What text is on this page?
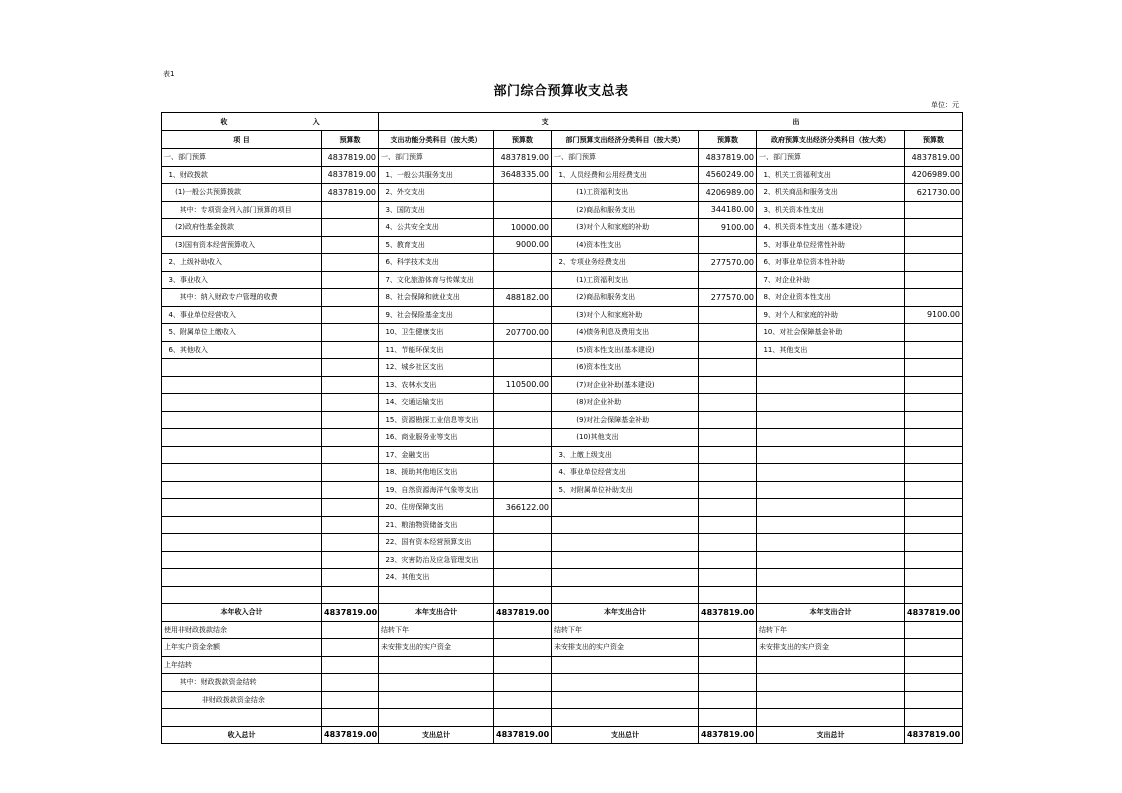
表1
部门综合预算收支总表
单位：元
收                                   入		支                                                                                                    出					
项 目	预算数	支出功能分类科目（按大类）	预算数	部门预算支出经济分类科目（按大类）	预算数	政府预算支出经济分类科目（按大类）	预算数
一、部门预算	4837819.00	一、部门预算	4837819.00	一、部门预算	4837819.00	一、部门预算	4837819.00
1、财政拨款	4837819.00	1、一般公共服务支出	3648335.00	1、人员经费和公用经费支出	4560249.00	1、机关工资福利支出	4206989.00
(1)一般公共预算拨款	4837819.00	2、外交支出		(1)工资福利支出	4206989.00	2、机关商品和服务支出	621730.00
其中：专项资金列入部门预算的项目		3、国防支出		(2)商品和服务支出	344180.00	3、机关资本性支出	
(2)政府性基金拨款		4、公共安全支出	10000.00	(3)对个人和家庭的补助	9100.00	4、机关资本性支出（基本建设）	
(3)国有资本经营预算收入		5、教育支出	9000.00	(4)资本性支出		5、对事业单位经常性补助	
2、上级补助收入		6、科学技术支出		2、专项业务经费支出	277570.00	6、对事业单位资本性补助	
3、事业收入		7、文化旅游体育与传媒支出		(1)工资福利支出		7、对企业补助	
其中：纳入财政专户管理的收费		8、社会保障和就业支出	488182.00	(2)商品和服务支出	277570.00	8、对企业资本性支出	
4、事业单位经营收入		9、社会保险基金支出		(3)对个人和家庭补助		9、对个人和家庭的补助	9100.00
5、附属单位上缴收入		10、卫生健康支出	207700.00	(4)债务利息及费用支出		10、对社会保障基金补助	
6、其他收入		11、节能环保支出		(5)资本性支出(基本建设)		11、其他支出	
		12、城乡社区支出		(6)资本性支出			
		13、农林水支出	110500.00	(7)对企业补助(基本建设)			
		14、交通运输支出		(8)对企业补助			
		15、资源勘探工业信息等支出		(9)对社会保障基金补助			
		16、商业服务业等支出		(10)其他支出			
		17、金融支出		3、上缴上级支出			
		18、援助其他地区支出		4、事业单位经营支出			
		19、自然资源海洋气象等支出		5、对附属单位补助支出			
		20、住房保障支出	366122.00				
		21、粮油物资储备支出					
		22、国有资本经营预算支出					
		23、灾害防治及应急管理支出					
		24、其他支出					

本年收入合计	4837819.00	本年支出合计	4837819.00	本年支出合计	4837819.00	本年支出合计	4837819.00
使用非财政拨款结余		结转下年		结转下年		结转下年	
上年实户资金余额		未安排支出的实户资金		未安排支出的实户资金		未安排支出的实户资金	
上年结转							
其中：财政拨款资金结转							
非财政拨款资金结余							

收入总计	4837819.00	支出总计	4837819.00	支出总计	4837819.00	支出总计	4837819.00
